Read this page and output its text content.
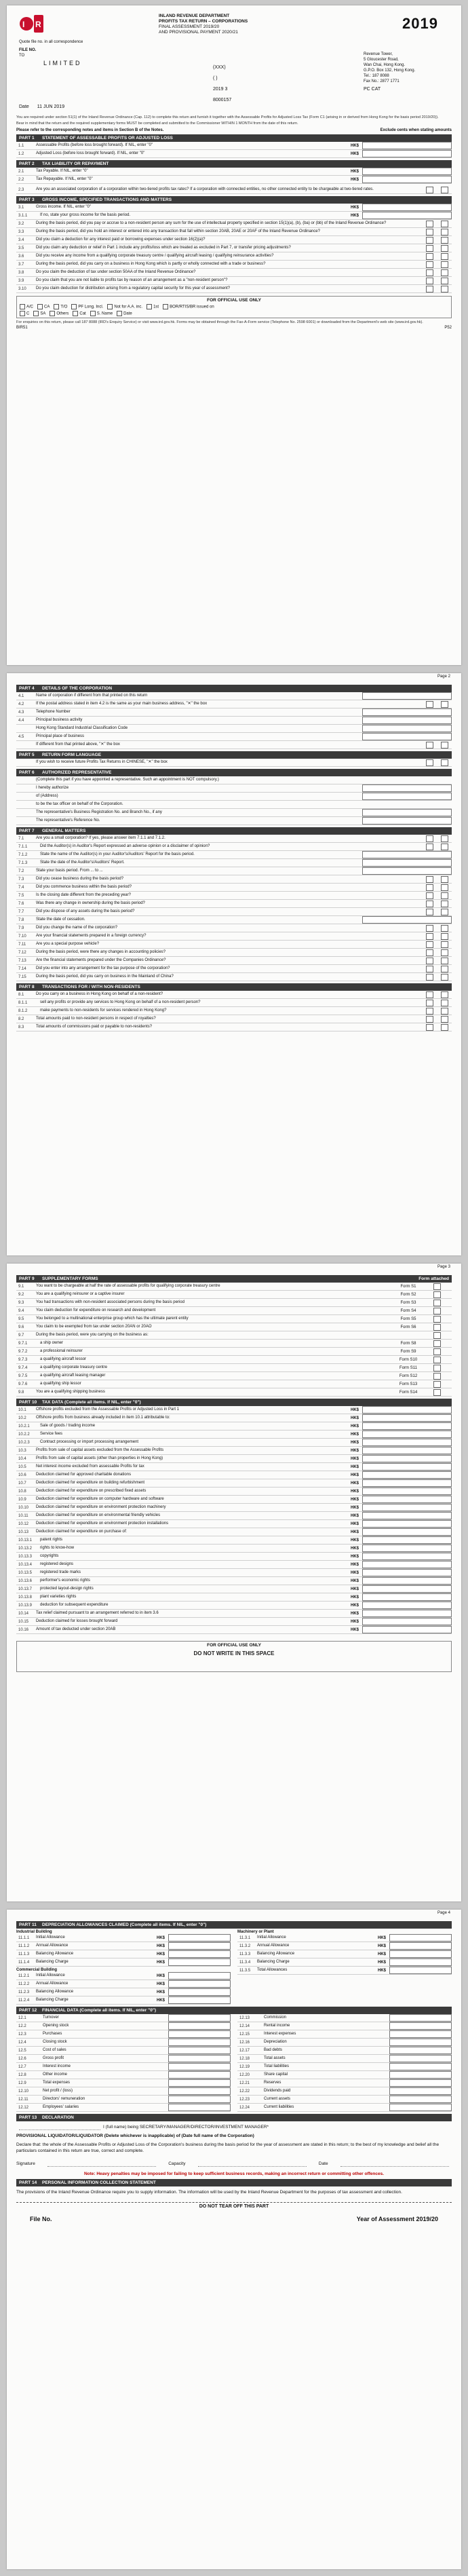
I R
Quote file no. in all correspondence
FILE NO.
TO
INLAND REVENUE DEPARTMENT
PROFITS TAX RETURN – CORPORATIONS
FINAL ASSESSMENT 2019/20
AND PROVISIONAL PAYMENT 2020/21
2019
LIMITED
(XXX)
( )
2019 3
8000157
Revenue Tower,
5 Gloucester Road,
Wan Chai, Hong Kong.
G.P.O. Box 132, Hong Kong.
Tel.: 187 8088
Fax No.: 2877 1771
PC CAT
Date 11 JUN 2019
You are required under section 51(1) of the Inland Revenue Ordinance (Cap. 112) to complete this return and furnish it together with the Assessable Profits for Adjusted Loss Tax (Form C1 (arising in or derived from Hong Kong for the basis period 2019/20)).
Bear in mind that the return and the required supplementary forms MUST be completed and submitted to the Commissioner WITHIN 1 MONTH from the date of this return.
Please refer to the corresponding notes and items in Section B of the Notes.	Exclude cents when stating amounts
PART 1 STATEMENT OF ASSESSABLE PROFITS OR ADJUSTED LOSS
1.1	Assessable Profits (before loss brought forward). If NIL, enter "0"	HK$
1.2	Adjusted Loss (before loss brought forward). If NIL, enter "0"	HK$
PART 2 TAX LIABILITY OR REPAYMENT
2.1	Tax Payable. If NIL, enter "0"	HK$
2.2	Tax Repayable. If NIL, enter "0"	HK$
2.3	Are you an associated corporation of a corporation within two-tiered profits tax rates? If a corporation with connected entities, no other connected entity to be chargeable at two-tiered rates.
PART 3 GROSS INCOME, SPECIFIED TRANSACTIONS AND MATTERS
3.1	Gross income. If NIL, enter "0"	HK$
3.1.1	If no, state your gross income for the basis period.	HK$
3.2	During the basis period, did you pay or accrue to a non-resident person any sum for the use of intellectual property specified in section 15(1)(a), (b), (ba) or (bb) of the Inland Revenue Ordinance?
3.3	During the basis period, did you hold an interest or entered into any transaction that fall within section 20AB, 20AE or 20AF of the Inland Revenue Ordinance?
3.4	Did you claim a deduction for any interest paid or borrowing expenses under section 16(2)(a)?
3.5	Did you claim any deduction or relief in Part 1 include any profits/loss which are treated as excluded in Part 7, or transfer pricing adjustments?
3.6	Did you receive any income from a qualifying corporate treasury centre / qualifying aircraft leasing / qualifying reinsurance activities?
3.7	During the basis period, did you carry on a business in Hong Kong which is partly or wholly connected with a trade or business?
3.8	Do you claim the deduction of tax under section 50AA of the Inland Revenue Ordinance?
3.9	Do you claim that you are not liable to profits tax by reason of an arrangement as a "non-resident person"?
3.10	Do you claim deduction for distribution arising from a regulatory capital security for this year of assessment?
FOR OFFICIAL USE ONLY
A/C	CA	T/O	PF Long. Incl.	Not for A.A. inc.	1st	BOR/RTIS/BR issued on
C	SA	Others	Cat	S. Name	Date
For enquiries on this return, please call 187 8088 (IRD's Enquiry Service) or visit www.ird.gov.hk. Forms may be obtained through the Fax-A-Form service (Telephone No. 2598 6001) or downloaded from the Department's web site (www.ird.gov.hk).
BIR51	P52
Page 2
PART 4 DETAILS OF THE CORPORATION
4.1	Name of corporation if different from that printed on this return
4.2	If the postal address stated in item 4.2 is the same as your main business address, "✕" the box
4.3	Telephone Number
4.4	Principal business activity
Hong Kong Standard Industrial Classification Code
4.5	Principal place of business
If different from that printed above, "✕" the box
PART 5 RETURN FORM LANGUAGE
If you wish to receive future Profits Tax Returns in CHINESE, "✕" the box
PART 6 AUTHORIZED REPRESENTATIVE
(Complete this part if you have appointed a representative. Such an appointment is NOT compulsory.)
I hereby authorize
of (Address)
to be the tax officer on behalf of the Corporation.
The representative's Business Registration No. and Branch No., if any
The representative's Reference No.
PART 7 GENERAL MATTERS
7.1	Are you a small corporation? If yes, please answer item 7.1.1 and 7.1.2.
7.1.1	Did the Auditor(s) in Auditor's Report expressed an adverse opinion or a disclaimer of opinion?
7.1.2	State the name of the Auditor(s) in your Auditor's/Auditors' Report for the basis period.
7.1.3	State the date of the Auditor's/Auditors' Report.
7.2	State your basis period. From ... to ...
7.3	Did you cease business during the basis period?
7.4	Did you commence business within the basis period?
7.5	Is the closing date different from the preceding year?
7.6	Was there any change in ownership during the basis period?
7.7	Did you dispose of any assets during the basis period?
7.8	State the date of cessation.
7.9	Did you change the name of the corporation?
7.10	Are your financial statements prepared in a foreign currency?
7.11	Are you a special purpose vehicle?
7.12	During the basis period, were there any changes in accounting policies?
7.13	Are the financial statements prepared under the Companies Ordinance?
7.14	Did you enter into any arrangement for the tax purpose of the corporation?
7.15	During the basis period, did you carry on business in the Mainland of China?
PART 8 TRANSACTIONS FOR / WITH NON-RESIDENTS
8.1	Do you carry on a business in Hong Kong on behalf of a non-resident?
8.1.1	sell any profits or provide any services to Hong Kong on behalf of a non-resident person?
8.1.2	make payments to non-residents for services rendered in Hong Kong?
8.2	Total amounts paid to non-resident persons in respect of royalties?
8.3	Total amounts of commissions paid or payable to non-residents?
Page 3
PART 9 SUPPLEMENTARY FORMS	Form attached
9.1	You want to be chargeable at half the rate of assessable profits for qualifying corporate treasury centre	Form S1
9.2	You are a qualifying reinsurer or a captive insurer	Form S2
9.3	You had transactions with non-resident associated persons during the basis period	Form S3
9.4	You claim deduction for expenditure on research and development	Form S4
9.5	You belonged to a multinational enterprise group which has the ultimate parent entity	Form S5
9.6	You claim to be exempted from tax under section 20AN or 20AO	Form S6
9.7	During the basis period, were you carrying on the business as:
9.7.1	a ship owner	Form S8
9.7.2	a professional reinsurer	Form S9
9.7.3	a qualifying aircraft lessor	Form S10
9.7.4	a qualifying corporate treasury centre	Form S11
9.7.5	a qualifying aircraft leasing manager	Form S12
9.7.6	a qualifying ship lessor	Form S13
9.8	You are a qualifying shipping business	Form S14
PART 10 TAX DATA (Complete all items. If NIL, enter "0")
10.1	Offshore profits excluded from the Assessable Profits or Adjusted Loss in Part 1	HK$
10.2	Offshore profits from business already included in item 10.1 attributable to:	HK$
10.2.1	Sale of goods / trading income	HK$
10.2.2	Service fees	HK$
10.2.3	Contract processing or import processing arrangement	HK$
10.3	Profits from sale of capital assets excluded from the Assessable Profits	HK$
10.4	Profits from sale of capital assets (other than properties in Hong Kong)	HK$
10.5	Net interest income excluded from assessable Profits for tax	HK$
10.6	Deduction claimed for approved charitable donations	HK$
10.7	Deduction claimed for expenditure on building refurbishment	HK$
10.8	Deduction claimed for expenditure on prescribed fixed assets	HK$
10.9	Deduction claimed for expenditure on computer hardware and software	HK$
10.10	Deduction claimed for expenditure on environment protection machinery	HK$
10.11	Deduction claimed for expenditure on environmental friendly vehicles	HK$
10.12	Deduction claimed for expenditure on environment protection installations	HK$
10.13	Deduction claimed for expenditure on purchase of:	HK$
10.13.1	patent rights	HK$
10.13.2	rights to know-how	HK$
10.13.3	copyrights	HK$
10.13.4	registered designs	HK$
10.13.5	registered trade marks	HK$
10.13.6	performer's economic rights	HK$
10.13.7	protected layout-design rights	HK$
10.13.8	plant varieties rights	HK$
10.13.9	deduction for subsequent expenditure	HK$
10.14	Tax relief claimed pursuant to an arrangement referred to in item 3.6	HK$
10.15	Deduction claimed for losses brought forward	HK$
10.16	Amount of tax deducted under section 20AB	HK$
FOR OFFICIAL USE ONLY
DO NOT WRITE IN THIS SPACE
Page 4
PART 11 DEPRECIATION ALLOWANCES CLAIMED (Complete all items. If NIL, enter "0")
Industrial Building
11.1.1	Initial Allowance	HK$
11.1.2	Annual Allowance	HK$
11.1.3	Balancing Allowance	HK$
11.1.4	Balancing Charge	HK$
Commercial Building
11.2.1	Initial Allowance	HK$
11.2.2	Annual Allowance	HK$
11.2.3	Balancing Allowance	HK$
11.2.4	Balancing Charge	HK$
Machinery or Plant
11.3.1	Initial Allowance	HK$
11.3.2	Annual Allowance	HK$
11.3.3	Balancing Allowance	HK$
11.3.4	Balancing Charge	HK$
11.3.5	Total Allowances	HK$
PART 12 FINANCIAL DATA (Complete all items. If NIL, enter "0")
12.1	Turnover
12.2	Opening stock
12.3	Purchases
12.4	Closing stock
12.5	Cost of sales
12.6	Gross profit
12.7	Interest income
12.8	Other income
12.9	Total expenses
12.10	Net profit / (loss)
12.11	Directors' remuneration
12.12	Employees' salaries
12.13	Commission
12.14	Rental income
12.15	Interest expenses
12.16	Depreciation
12.17	Bad debts
12.18	Total assets
12.19	Total liabilities
12.20	Share capital
12.21	Reserves
12.22	Dividends paid
12.23	Current assets
12.24	Current liabilities
PART 13 DECLARATION
I (full name) being SECRETARY/MANAGER/DIRECTOR/INVESTMENT MANAGER*
PROVISIONAL LIQUIDATOR/LIQUIDATOR (Delete whichever is inapplicable) of (Date full name of the Corporation)
Declare that: the whole of the Assessable Profits or Adjusted Loss of the Corporation's business during the basis period for the year of assessment are stated in this return; to the best of my knowledge and belief all the particulars contained in this return are true, correct and complete.
Signature	Capacity	Date
Note: Heavy penalties may be imposed for failing to keep sufficient business records, making an incorrect return or committing other offences.
PART 14 PERSONAL INFORMATION COLLECTION STATEMENT
The provisions of the Inland Revenue Ordinance require you to supply information. The information will be used by the Inland Revenue Department for the purposes of tax assessment and collection.
DO NOT TEAR OFF THIS PART
File No.	Year of Assessment 2019/20
